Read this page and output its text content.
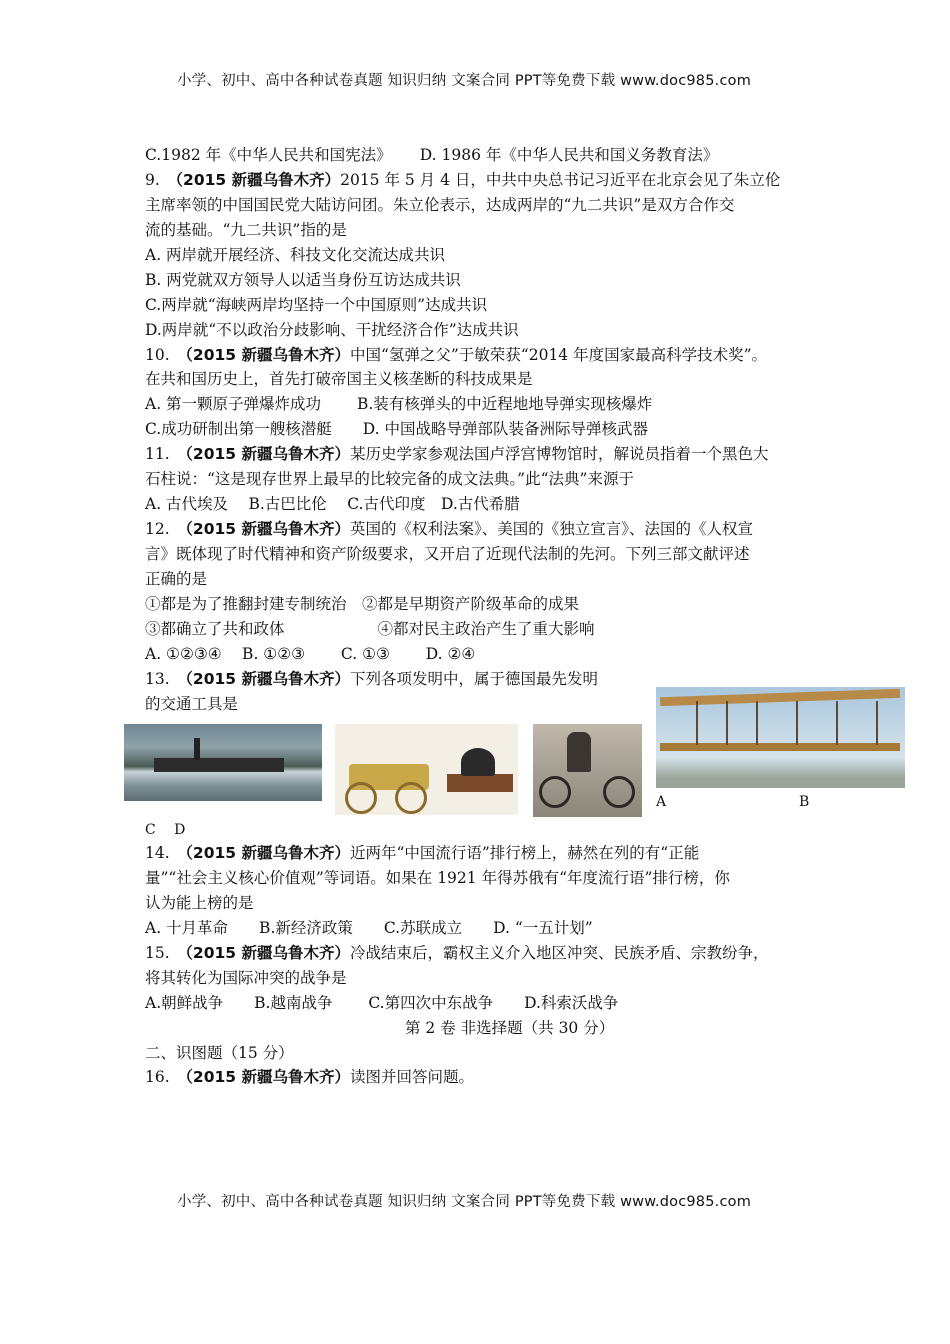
小学、初中、高中各种试卷真题 知识归纳 文案合同 PPT等免费下载 www.doc985.com
C.1982 年《中华人民共和国宪法》　　 D. 1986 年《中华人民共和国义务教育法》
9.　（2015 新疆乌鲁木齐）2015 年 5 月 4 日，中共中央总书记习近平在北京会见了朱立伦
主席率领的中国国民党大陆访问团。朱立伦表示，达成两岸的“九二共识”是双方合作交
流的基础。“九二共识”指的是
A. 两岸就开展经济、科技文化交流达成共识
B. 两党就双方领导人以适当身份互访达成共识
C.两岸就“海峡两岸均坚持一个中国原则”达成共识
D.两岸就“不以政治分歧影响、干扰经济合作”达成共识
10.　（2015 新疆乌鲁木齐）中国“氢弹之父”于敏荣获“2014 年度国家最高科学技术奖”。
在共和国历史上，首先打破帝国主义核垄断的科技成果是
A. 第一颗原子弹爆炸成功　　 B.装有核弹头的中近程地地导弹实现核爆炸
C.成功研制出第一艘核潜艇　　D. 中国战略导弹部队装备洲际导弹核武器
11.　（2015 新疆乌鲁木齐）某历史学家参观法国卢浮宫博物馆时，解说员指着一个黑色大
石柱说：“这是现存世界上最早的比较完备的成文法典。”此“法典”来源于
A. 古代埃及　 B.古巴比伦　 C.古代印度　D.古代希腊
12.　（2015 新疆乌鲁木齐）英国的《权利法案》、美国的《独立宣言》、法国的《人权宣
言》既体现了时代精神和资产阶级要求，又开启了近现代法制的先河。下列三部文献评述
正确的是
①都是为了推翻封建专制统治　②都是早期资产阶级革命的成果
③都确立了共和政体　　　　　　④都对民主政治产生了重大影响
A. ①②③④　 B. ①②③　　 C. ①③　　 D. ②④
13.　（2015 新疆乌鲁木齐）下列各项发明中，属于德国最先发明
的交通工具是
A	B
C　 D
14.　（2015 新疆乌鲁木齐）近两年“中国流行语”排行榜上，赫然在列的有“正能
量”“社会主义核心价值观”等词语。如果在 1921 年得苏俄有“年度流行语”排行榜，你
认为能上榜的是
A. 十月革命　　B.新经济政策　　C.苏联成立　　D. “一五计划”
15.　（2015 新疆乌鲁木齐）冷战结束后，霸权主义介入地区冲突、民族矛盾、宗教纷争，
将其转化为国际冲突的战争是
A.朝鲜战争　　B.越南战争　　 C.第四次中东战争　　D.科索沃战争
第 2 卷 非选择题（共 30 分）
二、识图题（15 分）
16.　（2015 新疆乌鲁木齐）读图并回答问题。
小学、初中、高中各种试卷真题 知识归纳 文案合同 PPT等免费下载 www.doc985.com
